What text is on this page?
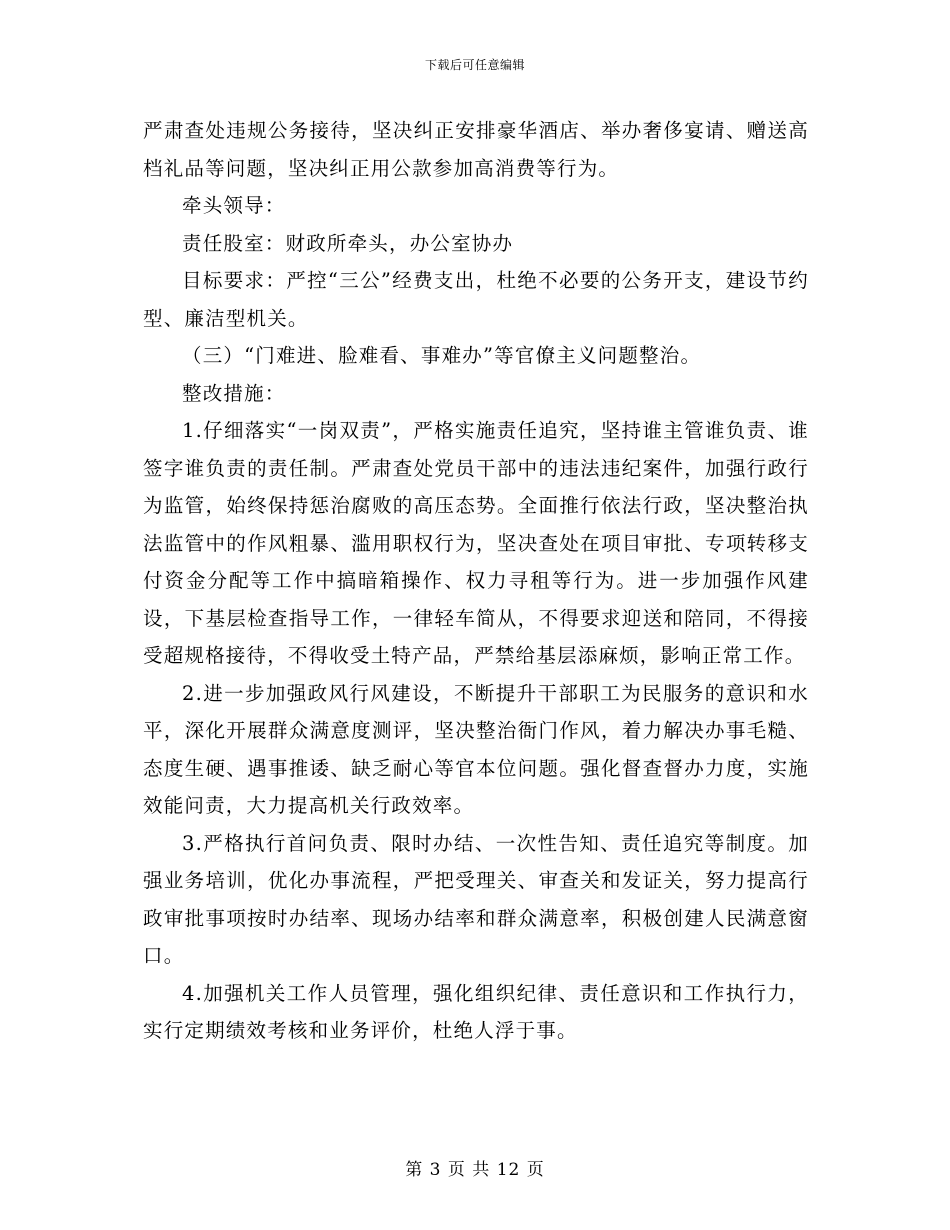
下载后可任意编辑

严肃查处违规公务接待，坚决纠正安排豪华酒店、举办奢侈宴请、赠送高档礼品等问题，坚决纠正用公款参加高消费等行为。

牵头领导：

责任股室：财政所牵头，办公室协办

目标要求：严控“三公”经费支出，杜绝不必要的公务开支，建设节约型、廉洁型机关。

（三）“门难进、脸难看、事难办”等官僚主义问题整治。

整改措施：

1.仔细落实“一岗双责”，严格实施责任追究，坚持谁主管谁负责、谁签字谁负责的责任制。严肃查处党员干部中的违法违纪案件，加强行政行为监管，始终保持惩治腐败的高压态势。全面推行依法行政，坚决整治执法监管中的作风粗暴、滥用职权行为，坚决查处在项目审批、专项转移支付资金分配等工作中搞暗箱操作、权力寻租等行为。进一步加强作风建设，下基层检查指导工作，一律轻车简从，不得要求迎送和陪同，不得接受超规格接待，不得收受土特产品，严禁给基层添麻烦，影响正常工作。

2.进一步加强政风行风建设，不断提升干部职工为民服务的意识和水平，深化开展群众满意度测评，坚决整治衙门作风，着力解决办事毛糙、态度生硬、遇事推诿、缺乏耐心等官本位问题。强化督查督办力度，实施效能问责，大力提高机关行政效率。

3.严格执行首问负责、限时办结、一次性告知、责任追究等制度。加强业务培训，优化办事流程，严把受理关、审查关和发证关，努力提高行政审批事项按时办结率、现场办结率和群众满意率，积极创建人民满意窗口。

4.加强机关工作人员管理，强化组织纪律、责任意识和工作执行力，实行定期绩效考核和业务评价，杜绝人浮于事。

第 3 页 共 12 页
